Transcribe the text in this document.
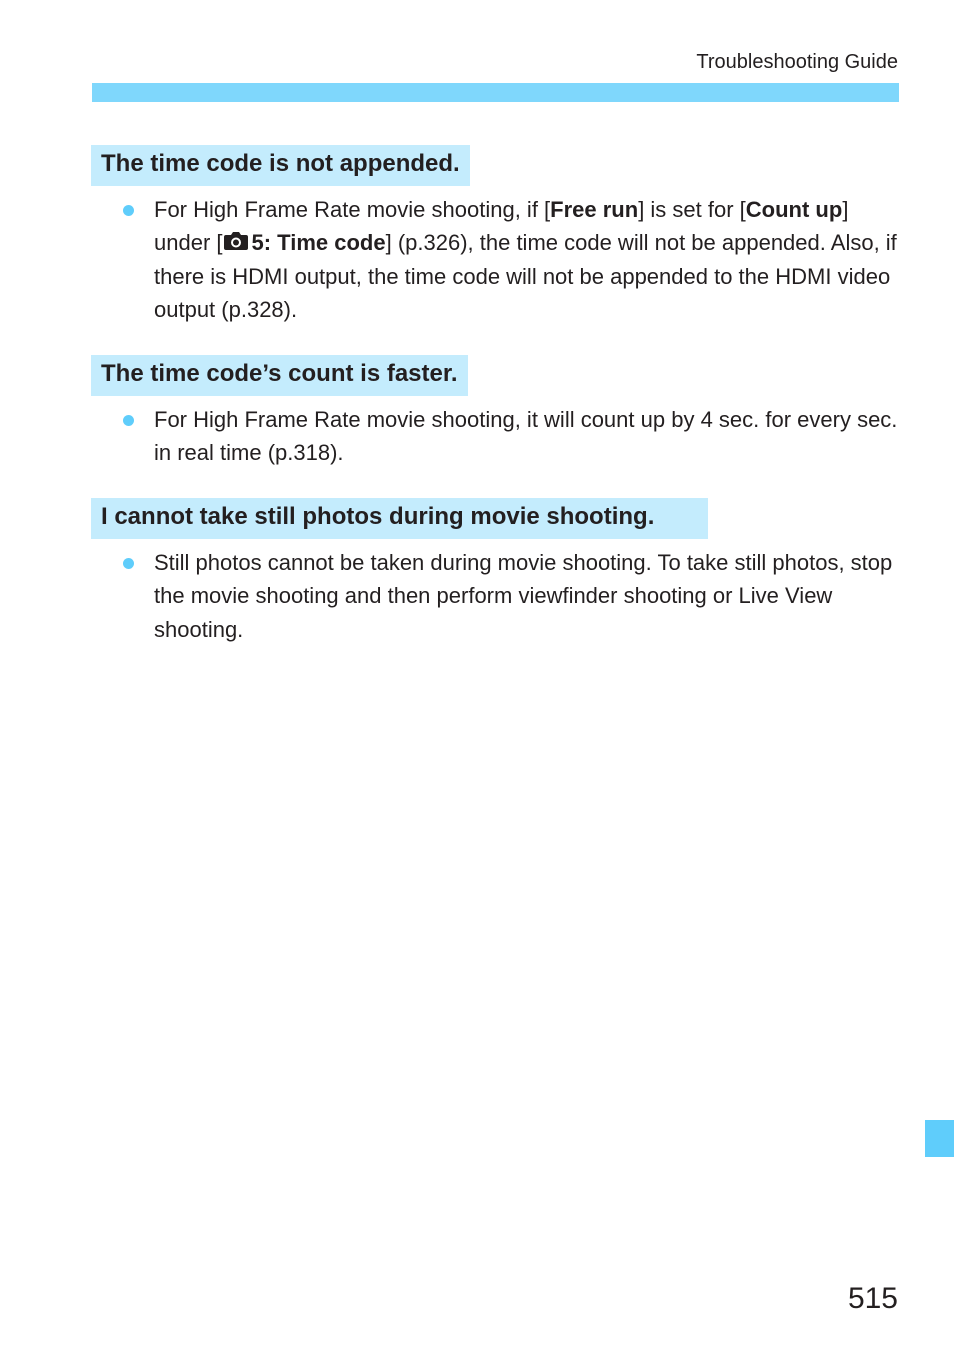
Troubleshooting Guide
The time code is not appended.
For High Frame Rate movie shooting, if [Free run] is set for [Count up] under [ 5: Time code] (p.326), the time code will not be appended. Also, if there is HDMI output, the time code will not be appended to the HDMI video output (p.328).
The time code’s count is faster.
For High Frame Rate movie shooting, it will count up by 4 sec. for every sec. in real time (p.318).
I cannot take still photos during movie shooting.
Still photos cannot be taken during movie shooting. To take still photos, stop the movie shooting and then perform viewfinder shooting or Live View shooting.
515
